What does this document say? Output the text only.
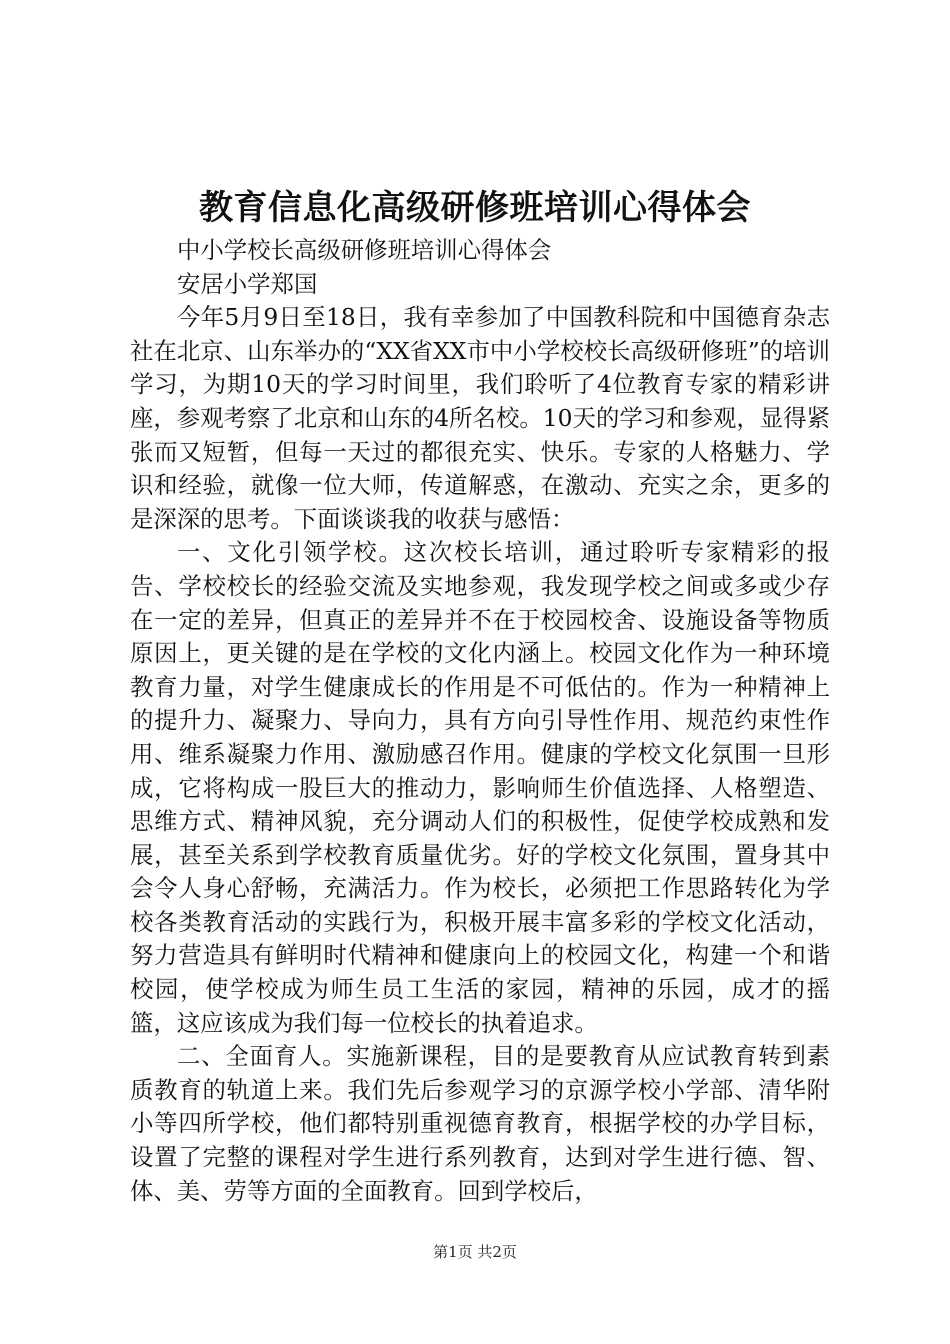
教育信息化高级研修班培训心得体会

中小学校长高级研修班培训心得体会

安居小学郑国

今年5月9日至18日，我有幸参加了中国教科院和中国德育杂志社在北京、山东举办的“XX省XX市中小学校校长高级研修班”的培训学习，为期10天的学习时间里，我们聆听了4位教育专家的精彩讲座，参观考察了北京和山东的4所名校。10天的学习和参观，显得紧张而又短暂，但每一天过的都很充实、快乐。专家的人格魅力、学识和经验，就像一位大师，传道解惑，在激动、充实之余，更多的是深深的思考。下面谈谈我的收获与感悟：

一、文化引领学校。这次校长培训，通过聆听专家精彩的报告、学校校长的经验交流及实地参观，我发现学校之间或多或少存在一定的差异，但真正的差异并不在于校园校舍、设施设备等物质原因上，更关键的是在学校的文化内涵上。校园文化作为一种环境教育力量，对学生健康成长的作用是不可低估的。作为一种精神上的提升力、凝聚力、导向力，具有方向引导性作用、规范约束性作用、维系凝聚力作用、激励感召作用。健康的学校文化氛围一旦形成，它将构成一股巨大的推动力，影响师生价值选择、人格塑造、思维方式、精神风貌，充分调动人们的积极性，促使学校成熟和发展，甚至关系到学校教育质量优劣。好的学校文化氛围，置身其中会令人身心舒畅，充满活力。作为校长，必须把工作思路转化为学校各类教育活动的实践行为，积极开展丰富多彩的学校文化活动，努力营造具有鲜明时代精神和健康向上的校园文化，构建一个和谐校园，使学校成为师生员工生活的家园，精神的乐园，成才的摇篮，这应该成为我们每一位校长的执着追求。

二、全面育人。实施新课程，目的是要教育从应试教育转到素质教育的轨道上来。我们先后参观学习的京源学校小学部、清华附小等四所学校，他们都特别重视德育教育，根据学校的办学目标，设置了完整的课程对学生进行系列教育，达到对学生进行德、智、体、美、劳等方面的全面教育。回到学校后，

第1页 共2页
